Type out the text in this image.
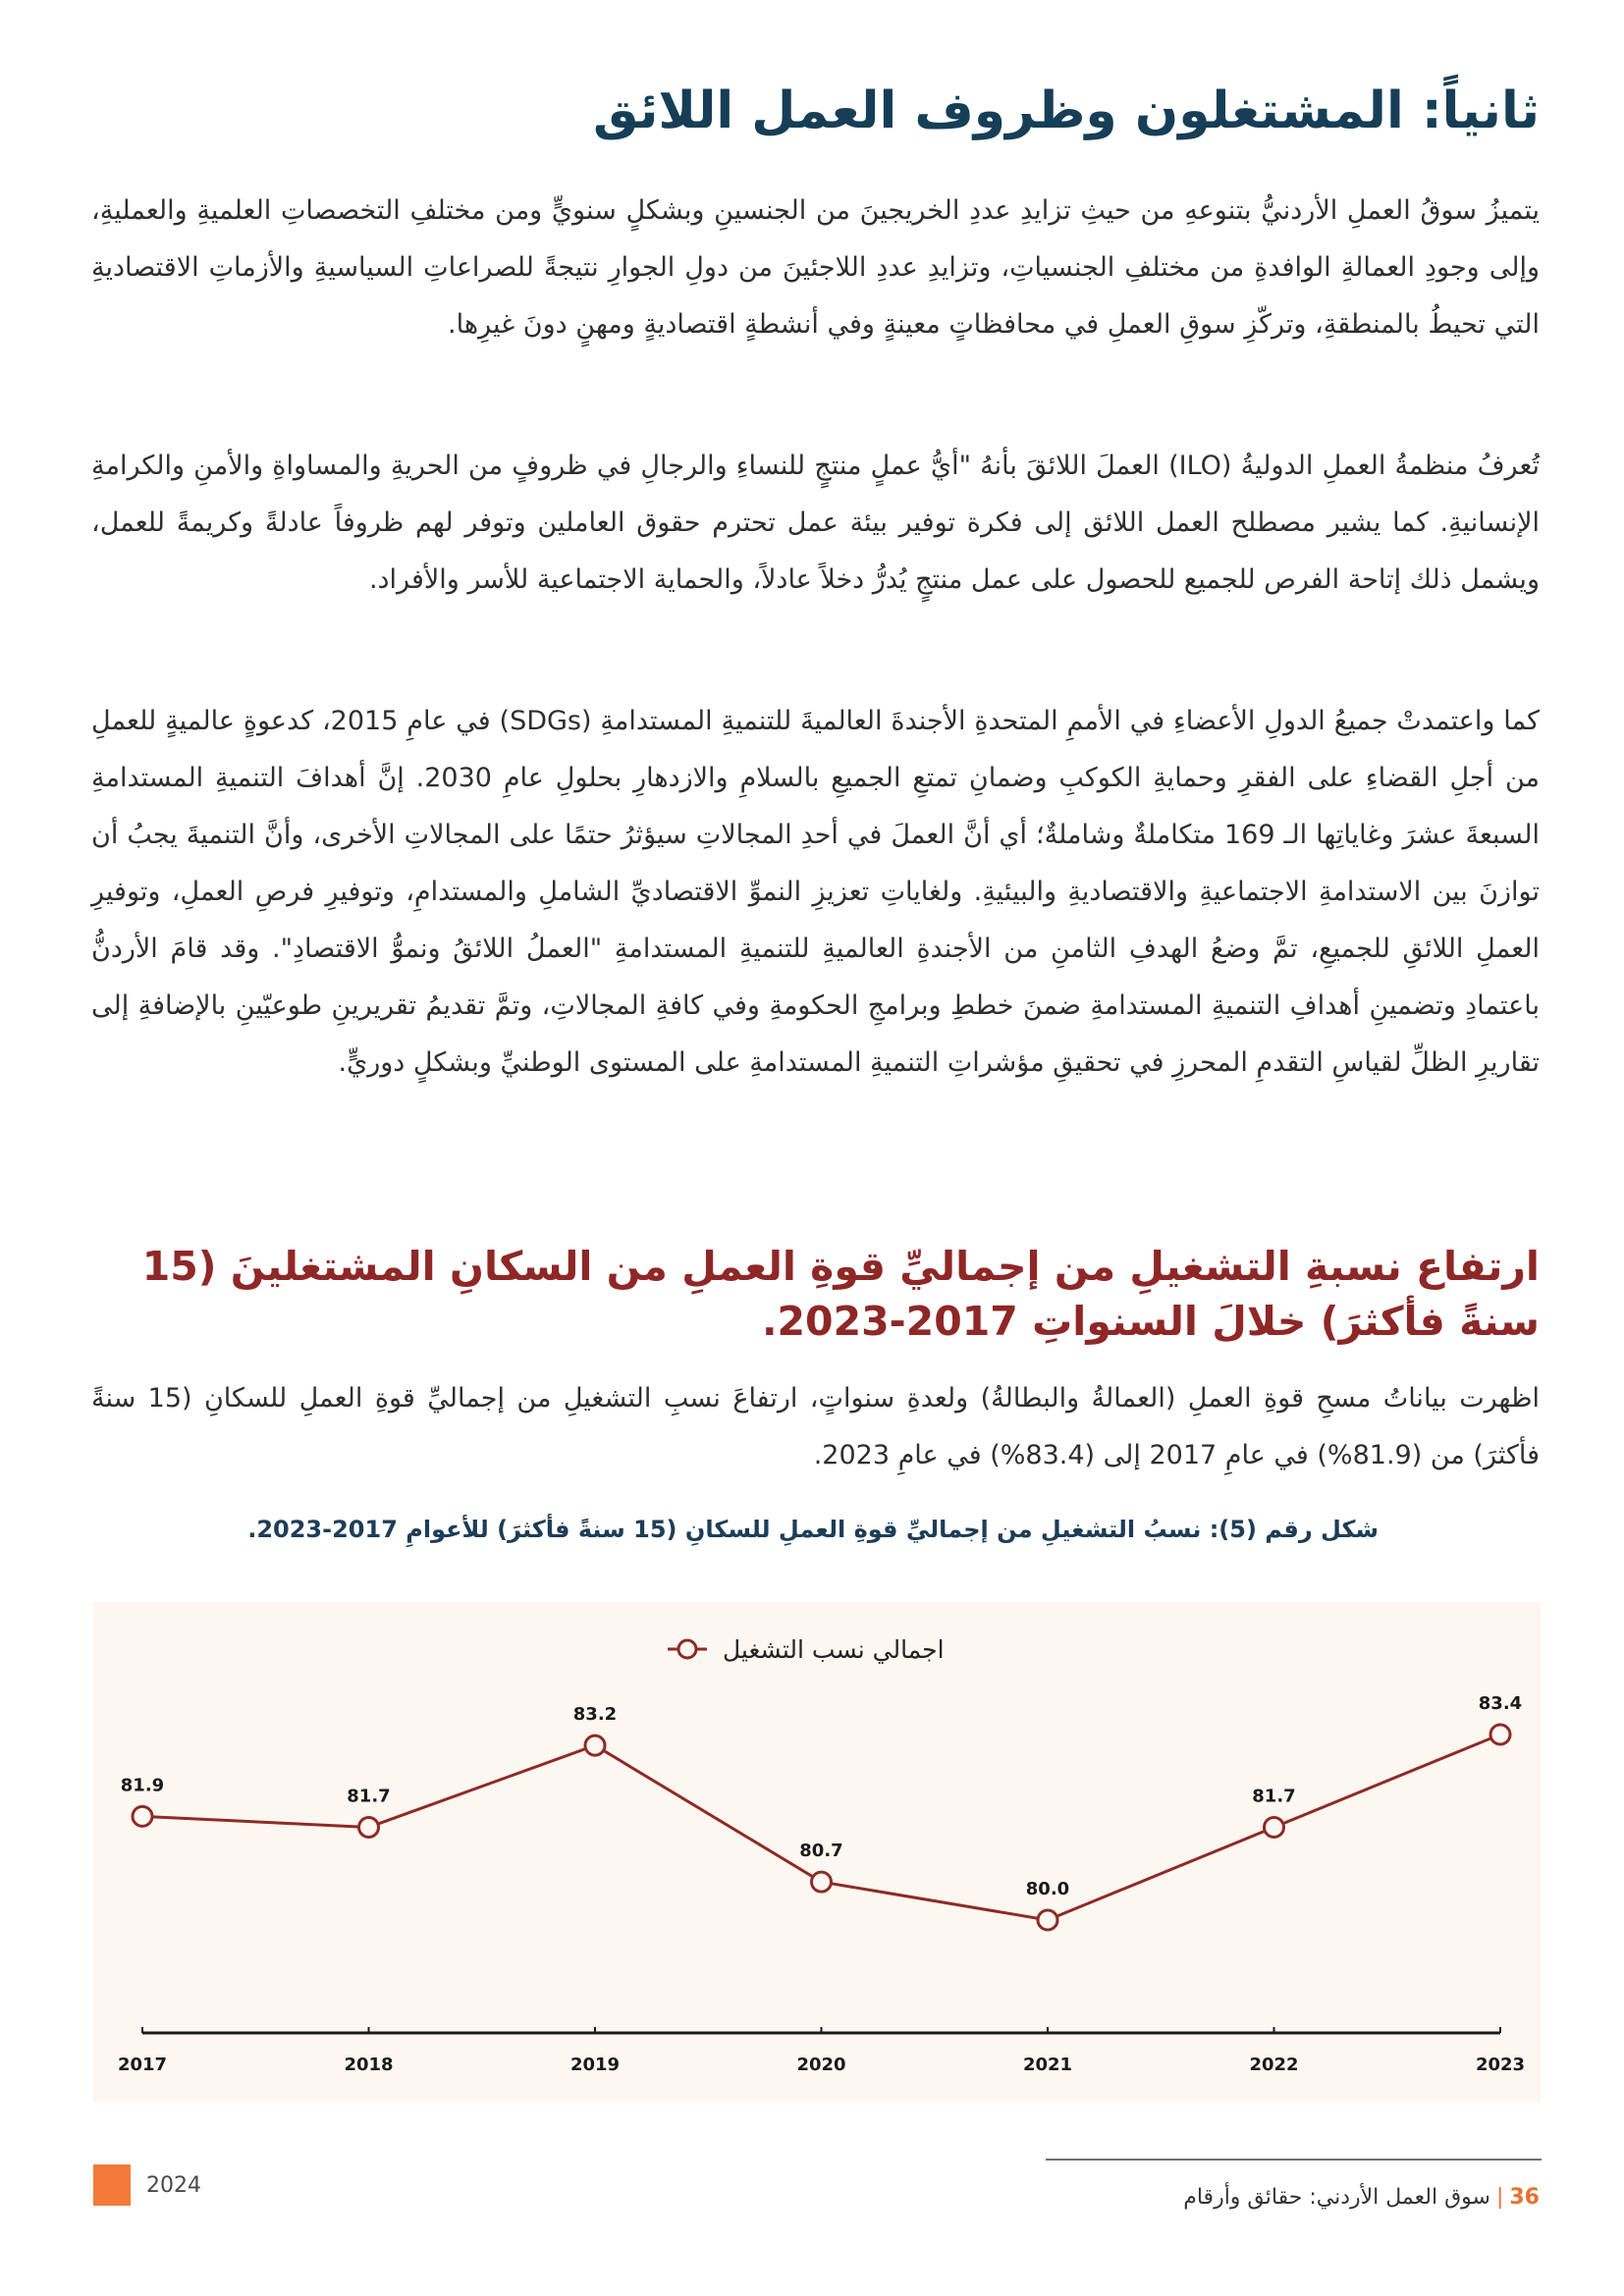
ثانياً: المشتغلون وظروف العمل اللائق

يتميزُ سوقُ العملِ الأردنيُّ بتنوعهِ من حيثِ تزايدِ عددِ الخريجينَ من الجنسينِ وبشكلٍ سنويٍّ ومن مختلفِ التخصصاتِ العلميةِ والعمليةِ، وإلى وجودِ العمالةِ الوافدةِ من مختلفِ الجنسياتِ، وتزايدِ عددِ اللاجئينَ من دولِ الجوارِ نتيجةً للصراعاتِ السياسيةِ والأزماتِ الاقتصاديةِ التي تحيطُ بالمنطقةِ، وتركّزِ سوقِ العملِ في محافظاتٍ معينةٍ وفي أنشطةٍ اقتصاديةٍ ومهنٍ دونَ غيرِها.

تُعرفُ منظمةُ العملِ الدوليةُ (ILO) العملَ اللائقَ بأنهُ "أيُّ عملٍ منتجٍ للنساءِ والرجالِ في ظروفٍ من الحريةِ والمساواةِ والأمنِ والكرامةِ الإنسانيةِ. كما يشير مصطلح العمل اللائق إلى فكرة توفير بيئة عمل تحترم حقوق العاملين وتوفر لهم ظروفاً عادلةً وكريمةً للعمل، ويشمل ذلك إتاحة الفرص للجميع للحصول على عمل منتجٍ يُدرُّ دخلاً عادلاً، والحماية الاجتماعية للأسر والأفراد.

كما واعتمدتْ جميعُ الدولِ الأعضاءِ في الأممِ المتحدةِ الأجندةَ العالميةَ للتنميةِ المستدامةِ (SDGs) في عامِ 2015، كدعوةٍ عالميةٍ للعملِ من أجلِ القضاءِ على الفقرِ وحمايةِ الكوكبِ وضمانِ تمتعِ الجميعِ بالسلامِ والازدهارِ بحلولِ عامِ 2030. إنَّ أهدافَ التنميةِ المستدامةِ السبعةَ عشرَ وغاياتِها الـ 169 متكاملةٌ وشاملةٌ؛ أي أنَّ العملَ في أحدِ المجالاتِ سيؤثرُ حتمًا على المجالاتِ الأخرى، وأنَّ التنميةَ يجبُ أن توازنَ بين الاستدامةِ الاجتماعيةِ والاقتصاديةِ والبيئيةِ. ولغاياتِ تعزيزِ النموِّ الاقتصاديِّ الشاملِ والمستدامِ، وتوفيرِ فرصِ العملِ، وتوفيرِ العملِ اللائقِ للجميعِ، تمَّ وضعُ الهدفِ الثامنِ من الأجندةِ العالميةِ للتنميةِ المستدامةِ "العملُ اللائقُ ونموُّ الاقتصادِ". وقد قامَ الأردنُّ باعتمادِ وتضمينِ أهدافِ التنميةِ المستدامةِ ضمنَ خططِ وبرامجِ الحكومةِ وفي كافةِ المجالاتِ، وتمَّ تقديمُ تقريرينِ طوعيّينِ بالإضافةِ إلى تقاريرِ الظلِّ لقياسِ التقدمِ المحرزِ في تحقيقِ مؤشراتِ التنميةِ المستدامةِ على المستوى الوطنيِّ وبشكلٍ دوريٍّ.

ارتفاع نسبةِ التشغيلِ من إجماليِّ قوةِ العملِ من السكانِ المشتغلينَ (15 سنةً فأكثرَ) خلالَ السنواتِ 2017-2023.

اظهرت بياناتُ مسحِ قوةِ العملِ (العمالةُ والبطالةُ) ولعدةِ سنواتٍ، ارتفاعَ نسبِ التشغيلِ من إجماليِّ قوةِ العملِ للسكانِ (15 سنةً فأكثرَ) من (81.9%) في عامِ 2017 إلى (83.4%) في عامِ 2023.

شكل رقم (5): نسبُ التشغيلِ من إجماليِّ قوةِ العملِ للسكانِ (15 سنةً فأكثرَ) للأعوامِ 2017-2023.

اجمالي نسب التشغيل
2017	2018	2019	2020	2021	2022	2023
81.9
81.7
83.2
80.7
80.0
81.7
83.4
36
|
سوق العمل الأردني: حقائق وأرقام
2024
